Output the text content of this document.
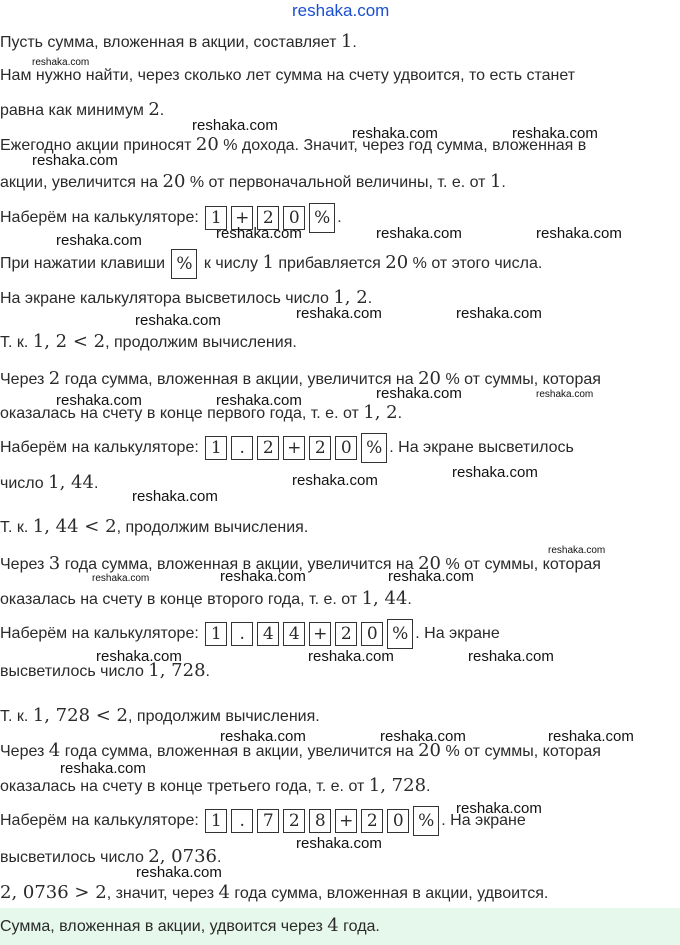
reshaka.com
Пусть сумма, вложенная в акции, составляет 1.
Нам нужно найти, через сколько лет сумма на счету удвоится, то есть станет
равна как минимум 2.
Ежегодно акции приносят 20 % дохода. Значит, через год сумма, вложенная в
акции, увеличится на 20 % от первоначальной величины, т. е. от 1.
Наберём на калькуляторе: 1 + 2 0 % .
При нажатии клавиши % к числу 1 прибавляется 20 % от этого числа.
На экране калькулятора высветилось число 1, 2.
Т. к. 1, 2 < 2, продолжим вычисления.
Через 2 года сумма, вложенная в акции, увеличится на 20 % от суммы, которая
оказалась на счету в конце первого года, т. е. от 1, 2.
Наберём на калькуляторе: 1 . 2 + 2 0 % . На экране высветилось
число 1, 44.
Т. к. 1, 44 < 2, продолжим вычисления.
Через 3 года сумма, вложенная в акции, увеличится на 20 % от суммы, которая
оказалась на счету в конце второго года, т. е. от 1, 44.
Наберём на калькуляторе: 1 . 4 4 + 2 0 % . На экране
высветилось число 1, 728.
Т. к. 1, 728 < 2, продолжим вычисления.
Через 4 года сумма, вложенная в акции, увеличится на 20 % от суммы, которая
оказалась на счету в конце третьего года, т. е. от 1, 728.
Наберём на калькуляторе: 1 . 7 2 8 + 2 0 % . На экране
высветилось число 2, 0736.
2, 0736 > 2, значит, через 4 года сумма, вложенная в акции, удвоится.
Сумма, вложенная в акции, удвоится через 4 года.
reshaka.com
reshaka.com	reshaka.com	reshaka.com
reshaka.com
reshaka.com	reshaka.com	reshaka.com	reshaka.com
reshaka.com	reshaka.com	reshaka.com
reshaka.com	reshaka.com	reshaka.com	reshaka.com
reshaka.com
reshaka.com	reshaka.com
reshaka.com
reshaka.com	reshaka.com	reshaka.com
reshaka.com	reshaka.com	reshaka.com
reshaka.com	reshaka.com	reshaka.com
reshaka.com
reshaka.com
reshaka.com
reshaka.com
